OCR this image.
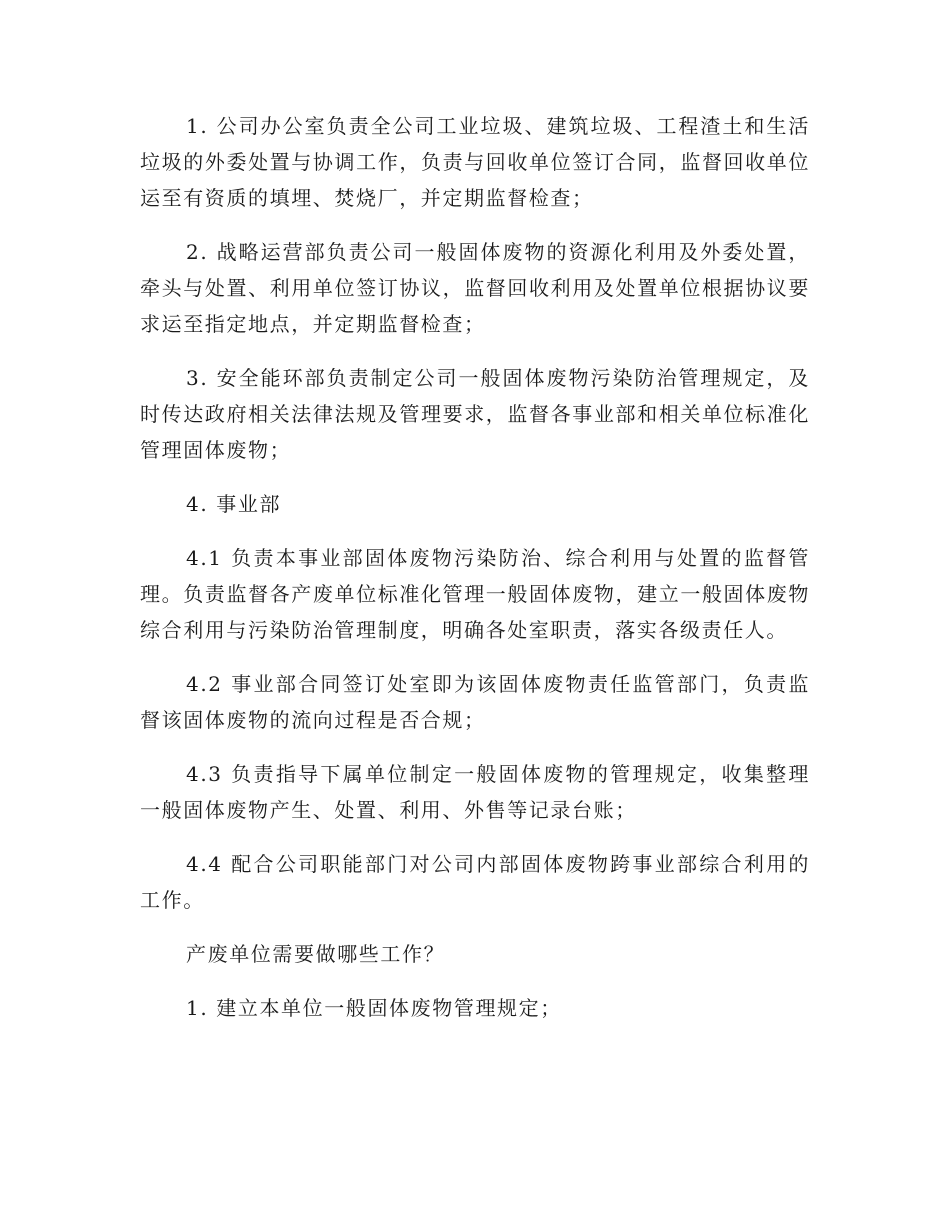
1. 公司办公室负责全公司工业垃圾、建筑垃圾、工程渣土和生活垃圾的外委处置与协调工作，负责与回收单位签订合同，监督回收单位运至有资质的填埋、焚烧厂，并定期监督检查；

2. 战略运营部负责公司一般固体废物的资源化利用及外委处置，牵头与处置、利用单位签订协议，监督回收利用及处置单位根据协议要求运至指定地点，并定期监督检查；

3. 安全能环部负责制定公司一般固体废物污染防治管理规定，及时传达政府相关法律法规及管理要求，监督各事业部和相关单位标准化管理固体废物；

4. 事业部

4.1 负责本事业部固体废物污染防治、综合利用与处置的监督管理。负责监督各产废单位标准化管理一般固体废物，建立一般固体废物综合利用与污染防治管理制度，明确各处室职责，落实各级责任人。

4.2 事业部合同签订处室即为该固体废物责任监管部门，负责监督该固体废物的流向过程是否合规；

4.3 负责指导下属单位制定一般固体废物的管理规定，收集整理一般固体废物产生、处置、利用、外售等记录台账；

4.4 配合公司职能部门对公司内部固体废物跨事业部综合利用的工作。

产废单位需要做哪些工作？

1. 建立本单位一般固体废物管理规定；
